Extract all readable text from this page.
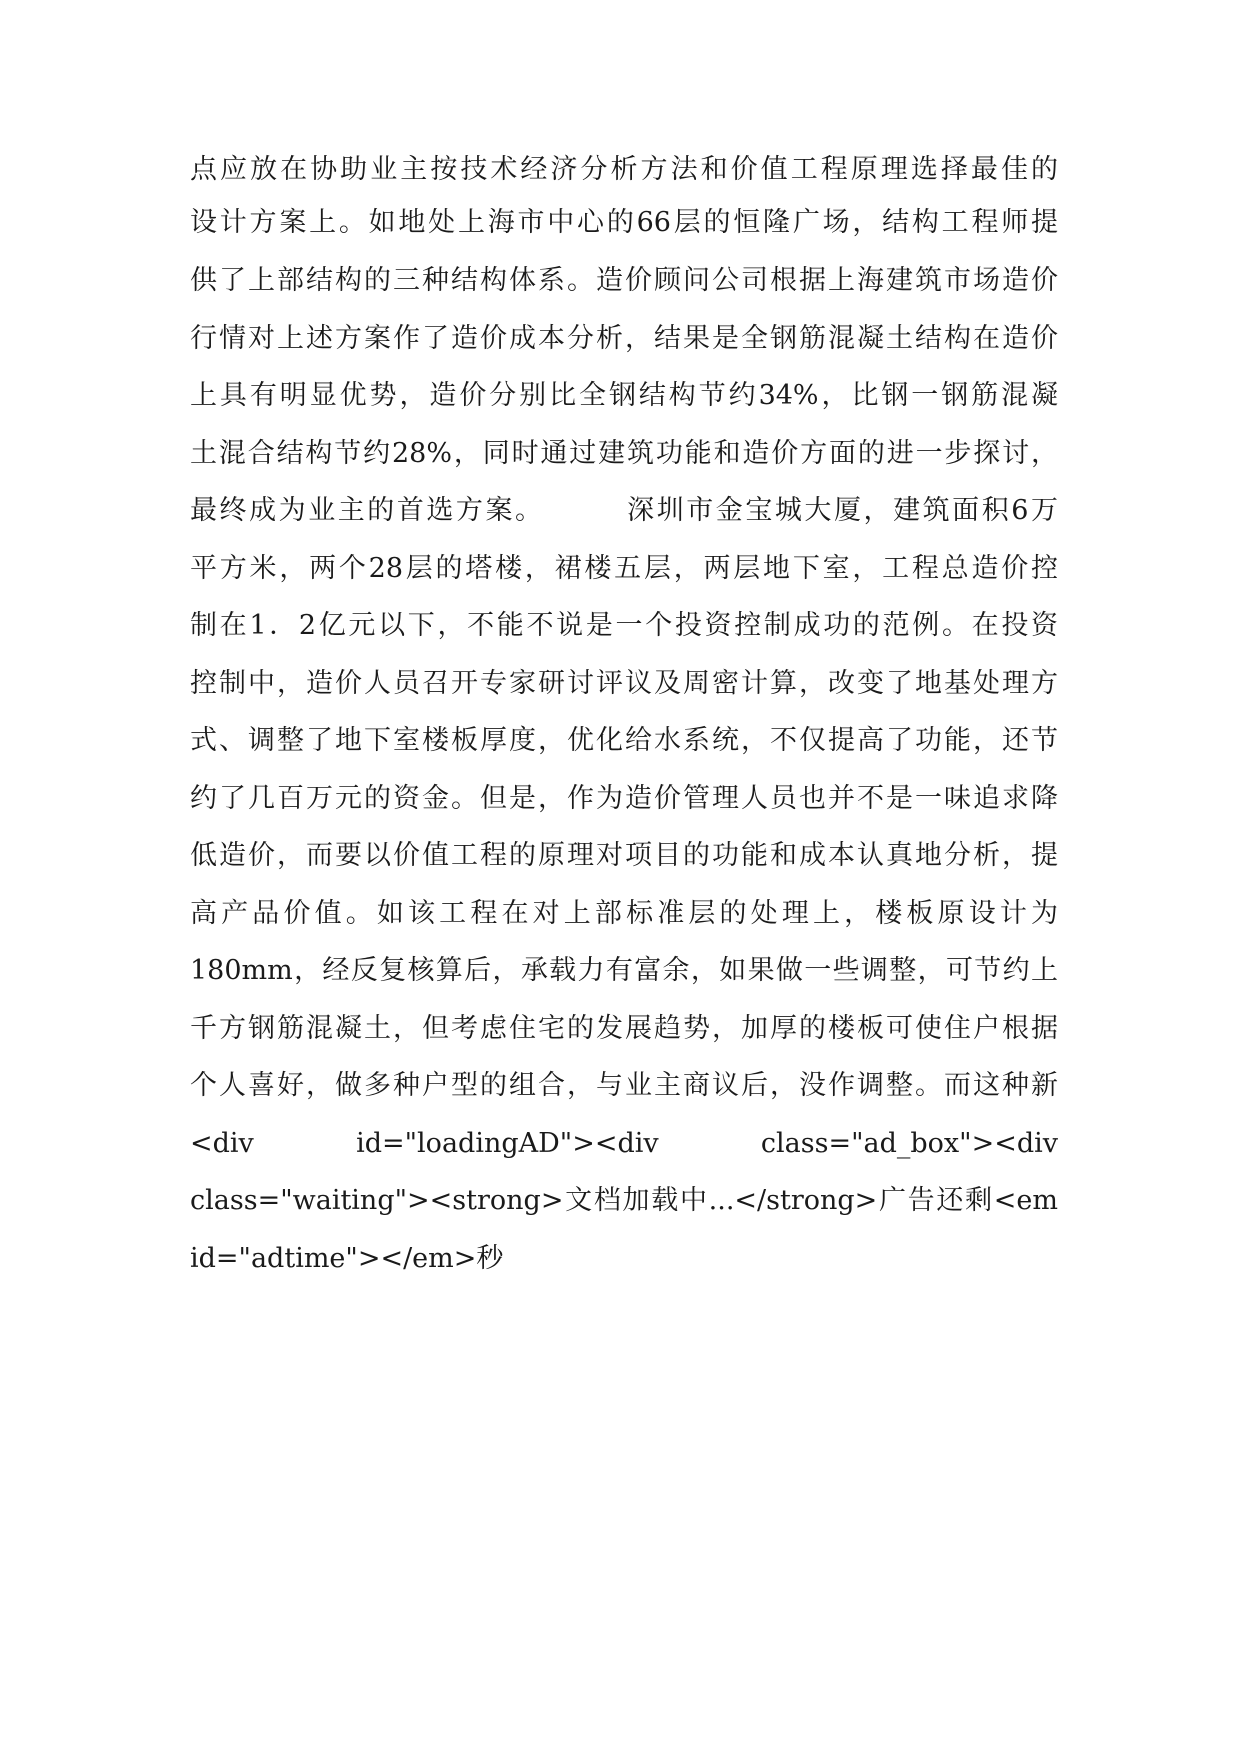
点应放在协助业主按技术经济分析方法和价值工程原理选择最佳的
设计方案上。如地处上海市中心的66层的恒隆广场，结构工程师提
供了上部结构的三种结构体系。造价顾问公司根据上海建筑市场造价
行情对上述方案作了造价成本分析，结果是全钢筋混凝土结构在造价
上具有明显优势，造价分别比全钢结构节约34%，比钢一钢筋混凝
土混合结构节约28%，同时通过建筑功能和造价方面的进一步探讨，
最终成为业主的首选方案。	深圳市金宝城大厦，建筑面积6万
平方米，两个28层的塔楼，裙楼五层，两层地下室，工程总造价控
制在1．2亿元以下，不能不说是一个投资控制成功的范例。在投资
控制中，造价人员召开专家研讨评议及周密计算，改变了地基处理方
式、调整了地下室楼板厚度，优化给水系统，不仅提高了功能，还节
约了几百万元的资金。但是，作为造价管理人员也并不是一味追求降
低造价，而要以价值工程的原理对项目的功能和成本认真地分析，提
高产品价值。如该工程在对上部标准层的处理上，楼板原设计为
180mm，经反复核算后，承载力有富余，如果做一些调整，可节约上
千方钢筋混凝土，但考虑住宅的发展趋势，加厚的楼板可使住户根据
个人喜好，做多种户型的组合，与业主商议后，没作调整。而这种新
<div id="loadingAD"><div class="ad_box"><div
class="waiting"><strong>文档加载中...</strong>广告还剩<em
id="adtime"></em>秒
